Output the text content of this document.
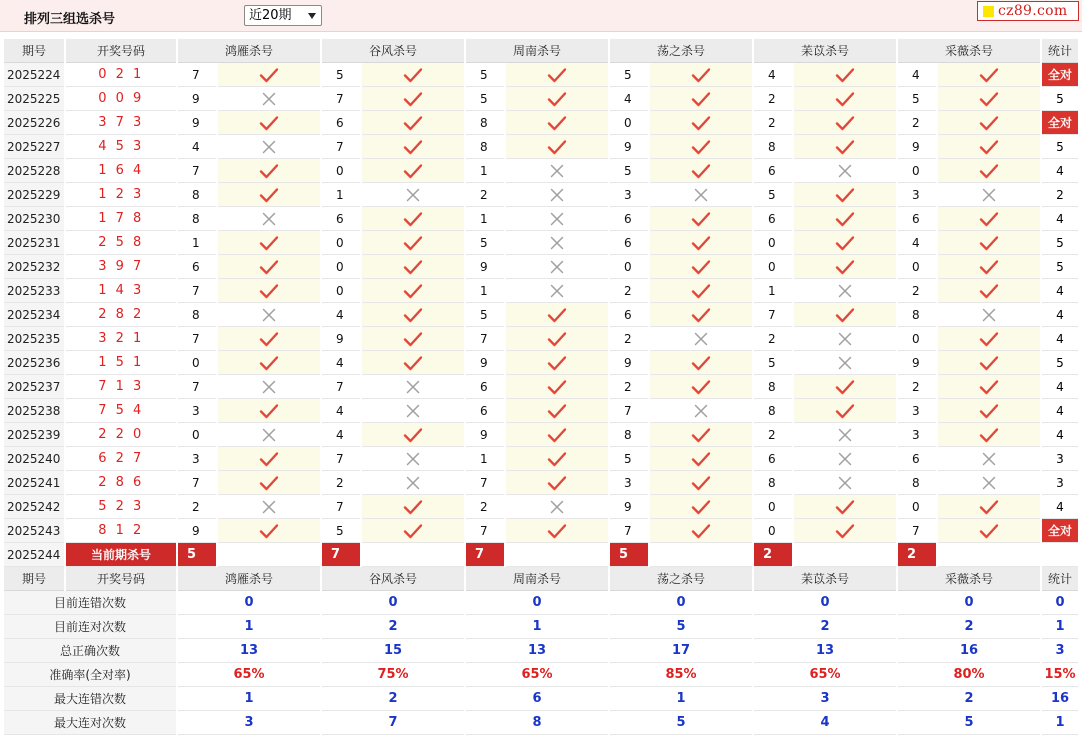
排列三组选杀号	近20期	cz89.com
期号	开奖号码	鸿雁杀号		谷风杀号		周南杀号		荡之杀号		苿苡杀号		采薇杀号		统计
2025224	0 2 1	7		5		5		5		4		4		全对
2025225	0 0 9	9		7		5		4		2		5		5
2025226	3 7 3	9		6		8		0		2		2		全对
2025227	4 5 3	4		7		8		9		8		9		5
2025228	1 6 4	7		0		1		5		6		0		4
2025229	1 2 3	8		1		2		3		5		3		2
2025230	1 7 8	8		6		1		6		6		6		4
2025231	2 5 8	1		0		5		6		0		4		5
2025232	3 9 7	6		0		9		0		0		0		5
2025233	1 4 3	7		0		1		2		1		2		4
2025234	2 8 2	8		4		5		6		7		8		4
2025235	3 2 1	7		9		7		2		2		0		4
2025236	1 5 1	0		4		9		9		5		9		5
2025237	7 1 3	7		7		6		2		8		2		4
2025238	7 5 4	3		4		6		7		8		3		4
2025239	2 2 0	0		4		9		8		2		3		4
2025240	6 2 7	3		7		1		5		6		6		3
2025241	2 8 6	7		2		7		3		8		8		3
2025242	5 2 3	2		7		2		9		0		0		4
2025243	8 1 2	9		5		7		7		0		7		全对
2025244	当前期杀号	5		7		7		5		2		2		
期号	开奖号码	鸿雁杀号		谷风杀号		周南杀号		荡之杀号		苿苡杀号		采薇杀号		统计
目前连错次数		0		0		0		0		0		0		0
目前连对次数		1		2		1		5		2		2		1
总正确次数		13		15		13		17		13		16		3
准确率(全对率)		65%		75%		65%		85%		65%		80%		15%
最大连错次数		1		2		6		1		3		2		16
最大连对次数		3		7		8		5		4		5		1
